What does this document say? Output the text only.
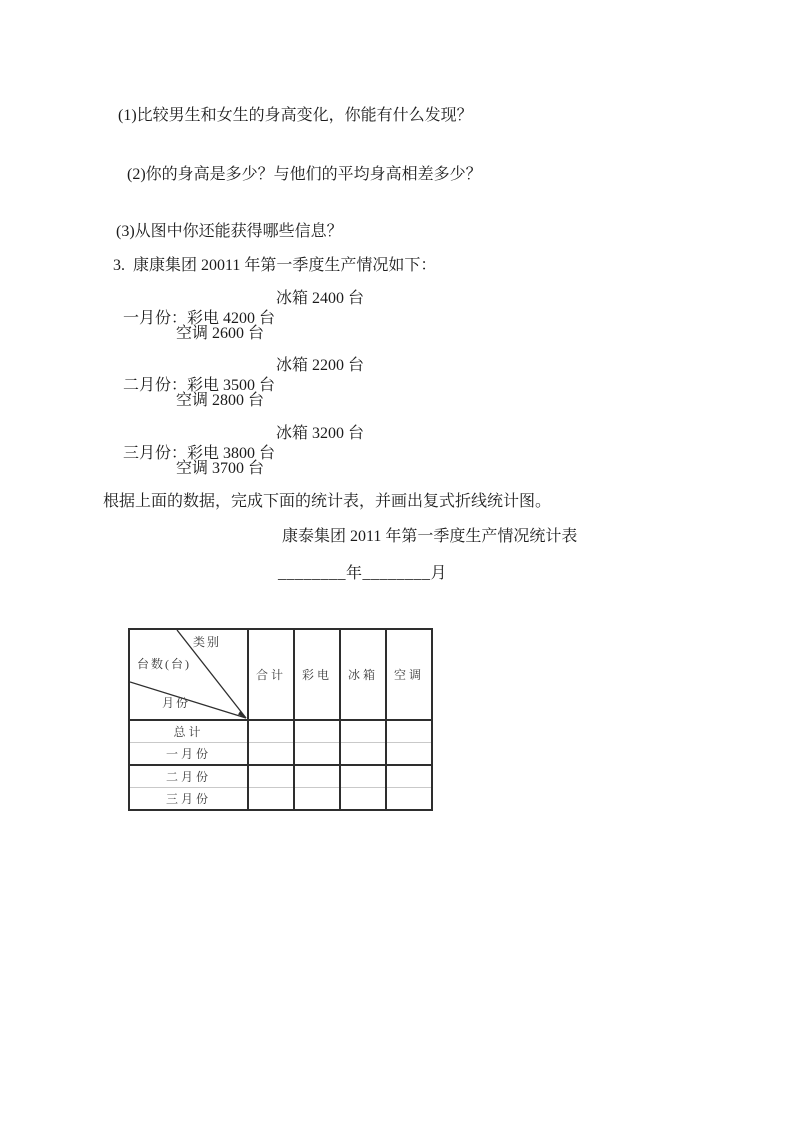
(1)比较男生和女生的身高变化，你能有什么发现？
(2)你的身高是多少？与他们的平均身高相差多少？
(3)从图中你还能获得哪些信息？
3.  康康集团 20011 年第一季度生产情况如下：

一月份：彩电 4200 台

冰箱 2400 台

空调 2600 台

二月份：彩电 3500 台

冰箱 2200 台

空调 2800 台

三月份：彩电 3800 台

冰箱 3200 台

空调 3700 台
根据上面的数据，完成下面的统计表，并画出复式折线统计图。
康泰集团 2011 年第一季度生产情况统计表
________年________月
类别
台数(台)
月份	合计	彩电	冰箱	空调
总计				
一月份				
二月份				
三月份				
